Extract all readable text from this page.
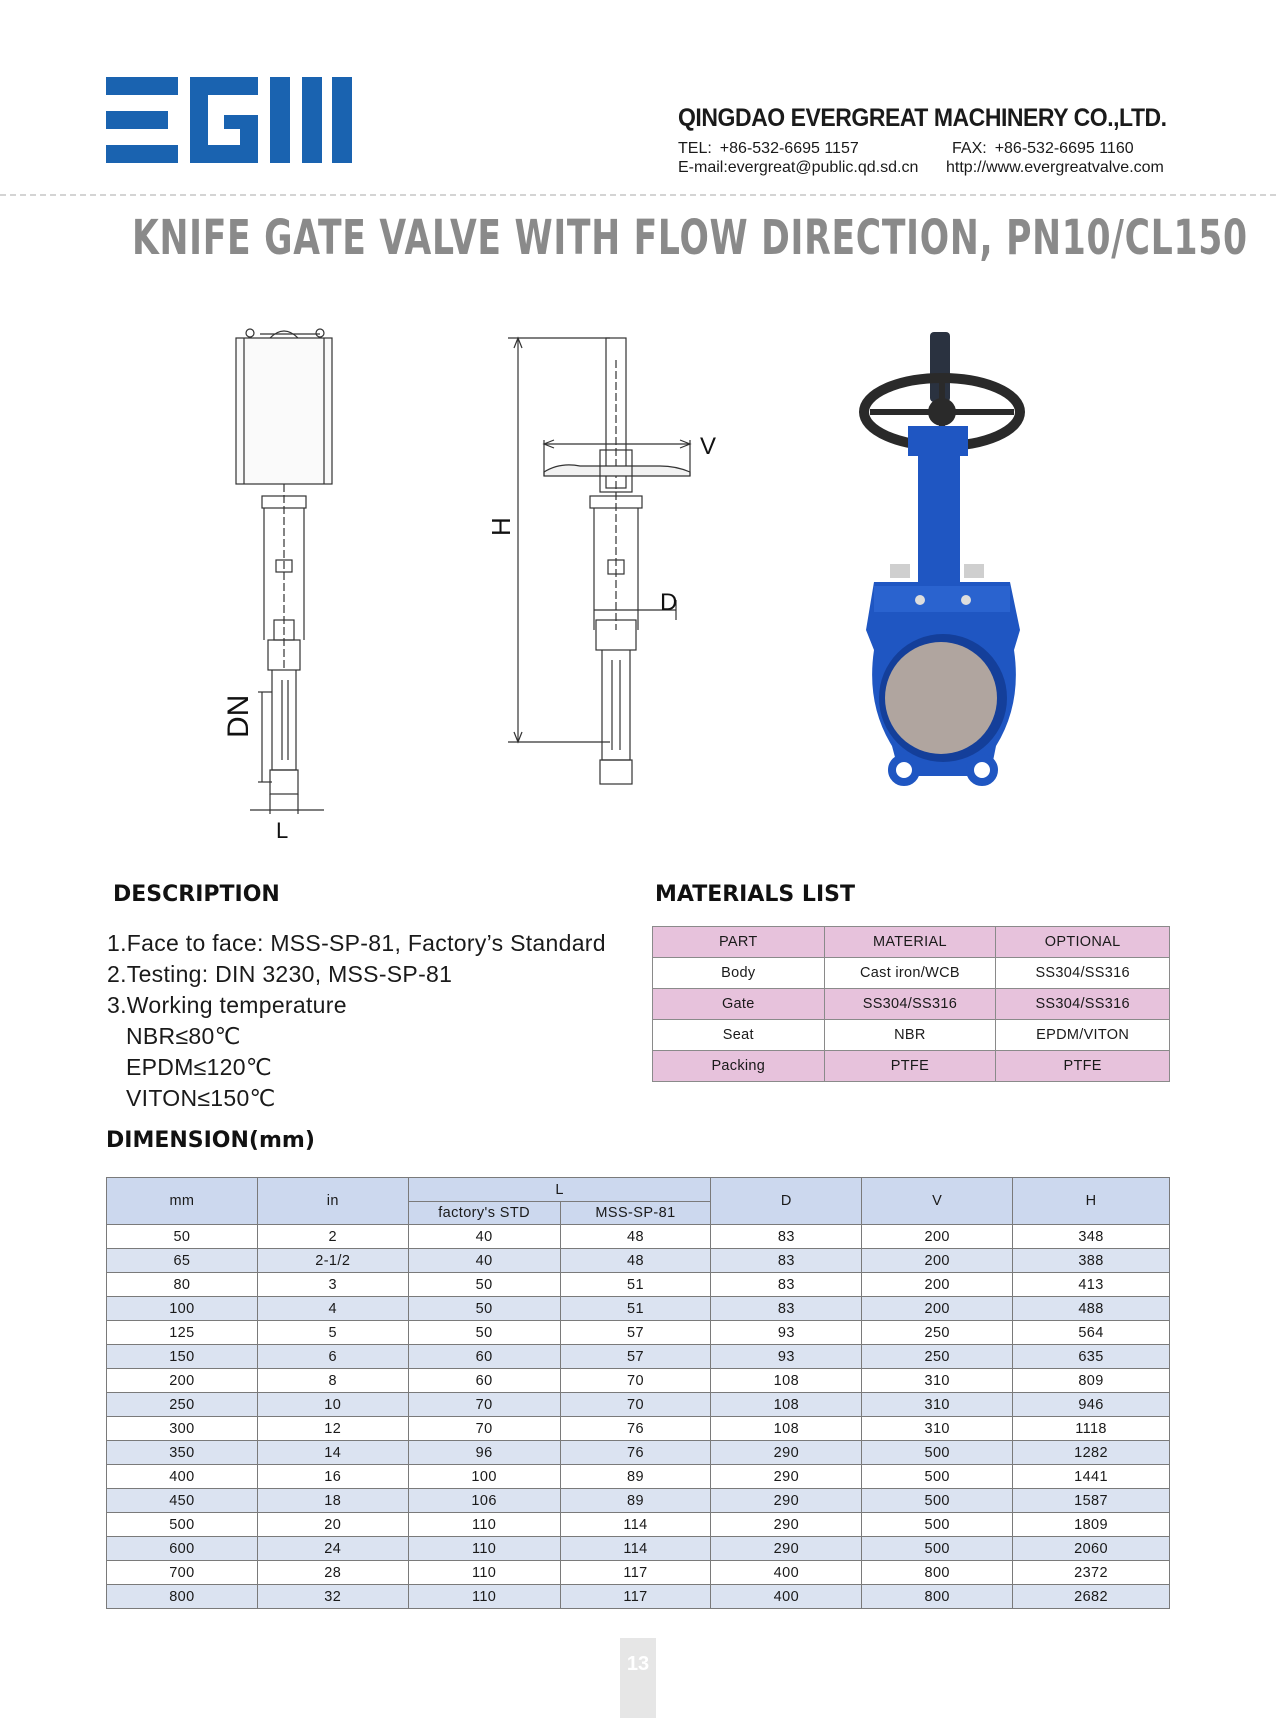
QINGDAO EVERGREAT MACHINERY CO.,LTD.
TEL: +86-532-6695 1157	FAX: +86-532-6695 1160
E-mail:evergreat@public.qd.sd.cn http://www.evergreatvalve.com
KNIFE GATE VALVE WITH FLOW DIRECTION, PN10/CL150
DN
L
V
D
H
DESCRIPTION
1.Face to face: MSS-SP-81, Factory’s Standard
2.Testing: DIN 3230, MSS-SP-81
3.Working temperature
NBR≤80℃
EPDM≤120℃
VITON≤150℃
MATERIALS LIST
PART	MATERIAL	OPTIONAL
Body	Cast iron/WCB	SS304/SS316
Gate	SS304/SS316	SS304/SS316
Seat	NBR	EPDM/VITON
Packing	PTFE	PTFE
DIMENSION(mm)
mm	in	L		D	V	H
		factory's STD	MSS-SP-81			
50	2	40	48	83	200	348
65	2-1/2	40	48	83	200	388
80	3	50	51	83	200	413
100	4	50	51	83	200	488
125	5	50	57	93	250	564
150	6	60	57	93	250	635
200	8	60	70	108	310	809
250	10	70	70	108	310	946
300	12	70	76	108	310	1118
350	14	96	76	290	500	1282
400	16	100	89	290	500	1441
450	18	106	89	290	500	1587
500	20	110	114	290	500	1809
600	24	110	114	290	500	2060
700	28	110	117	400	800	2372
800	32	110	117	400	800	2682
13
